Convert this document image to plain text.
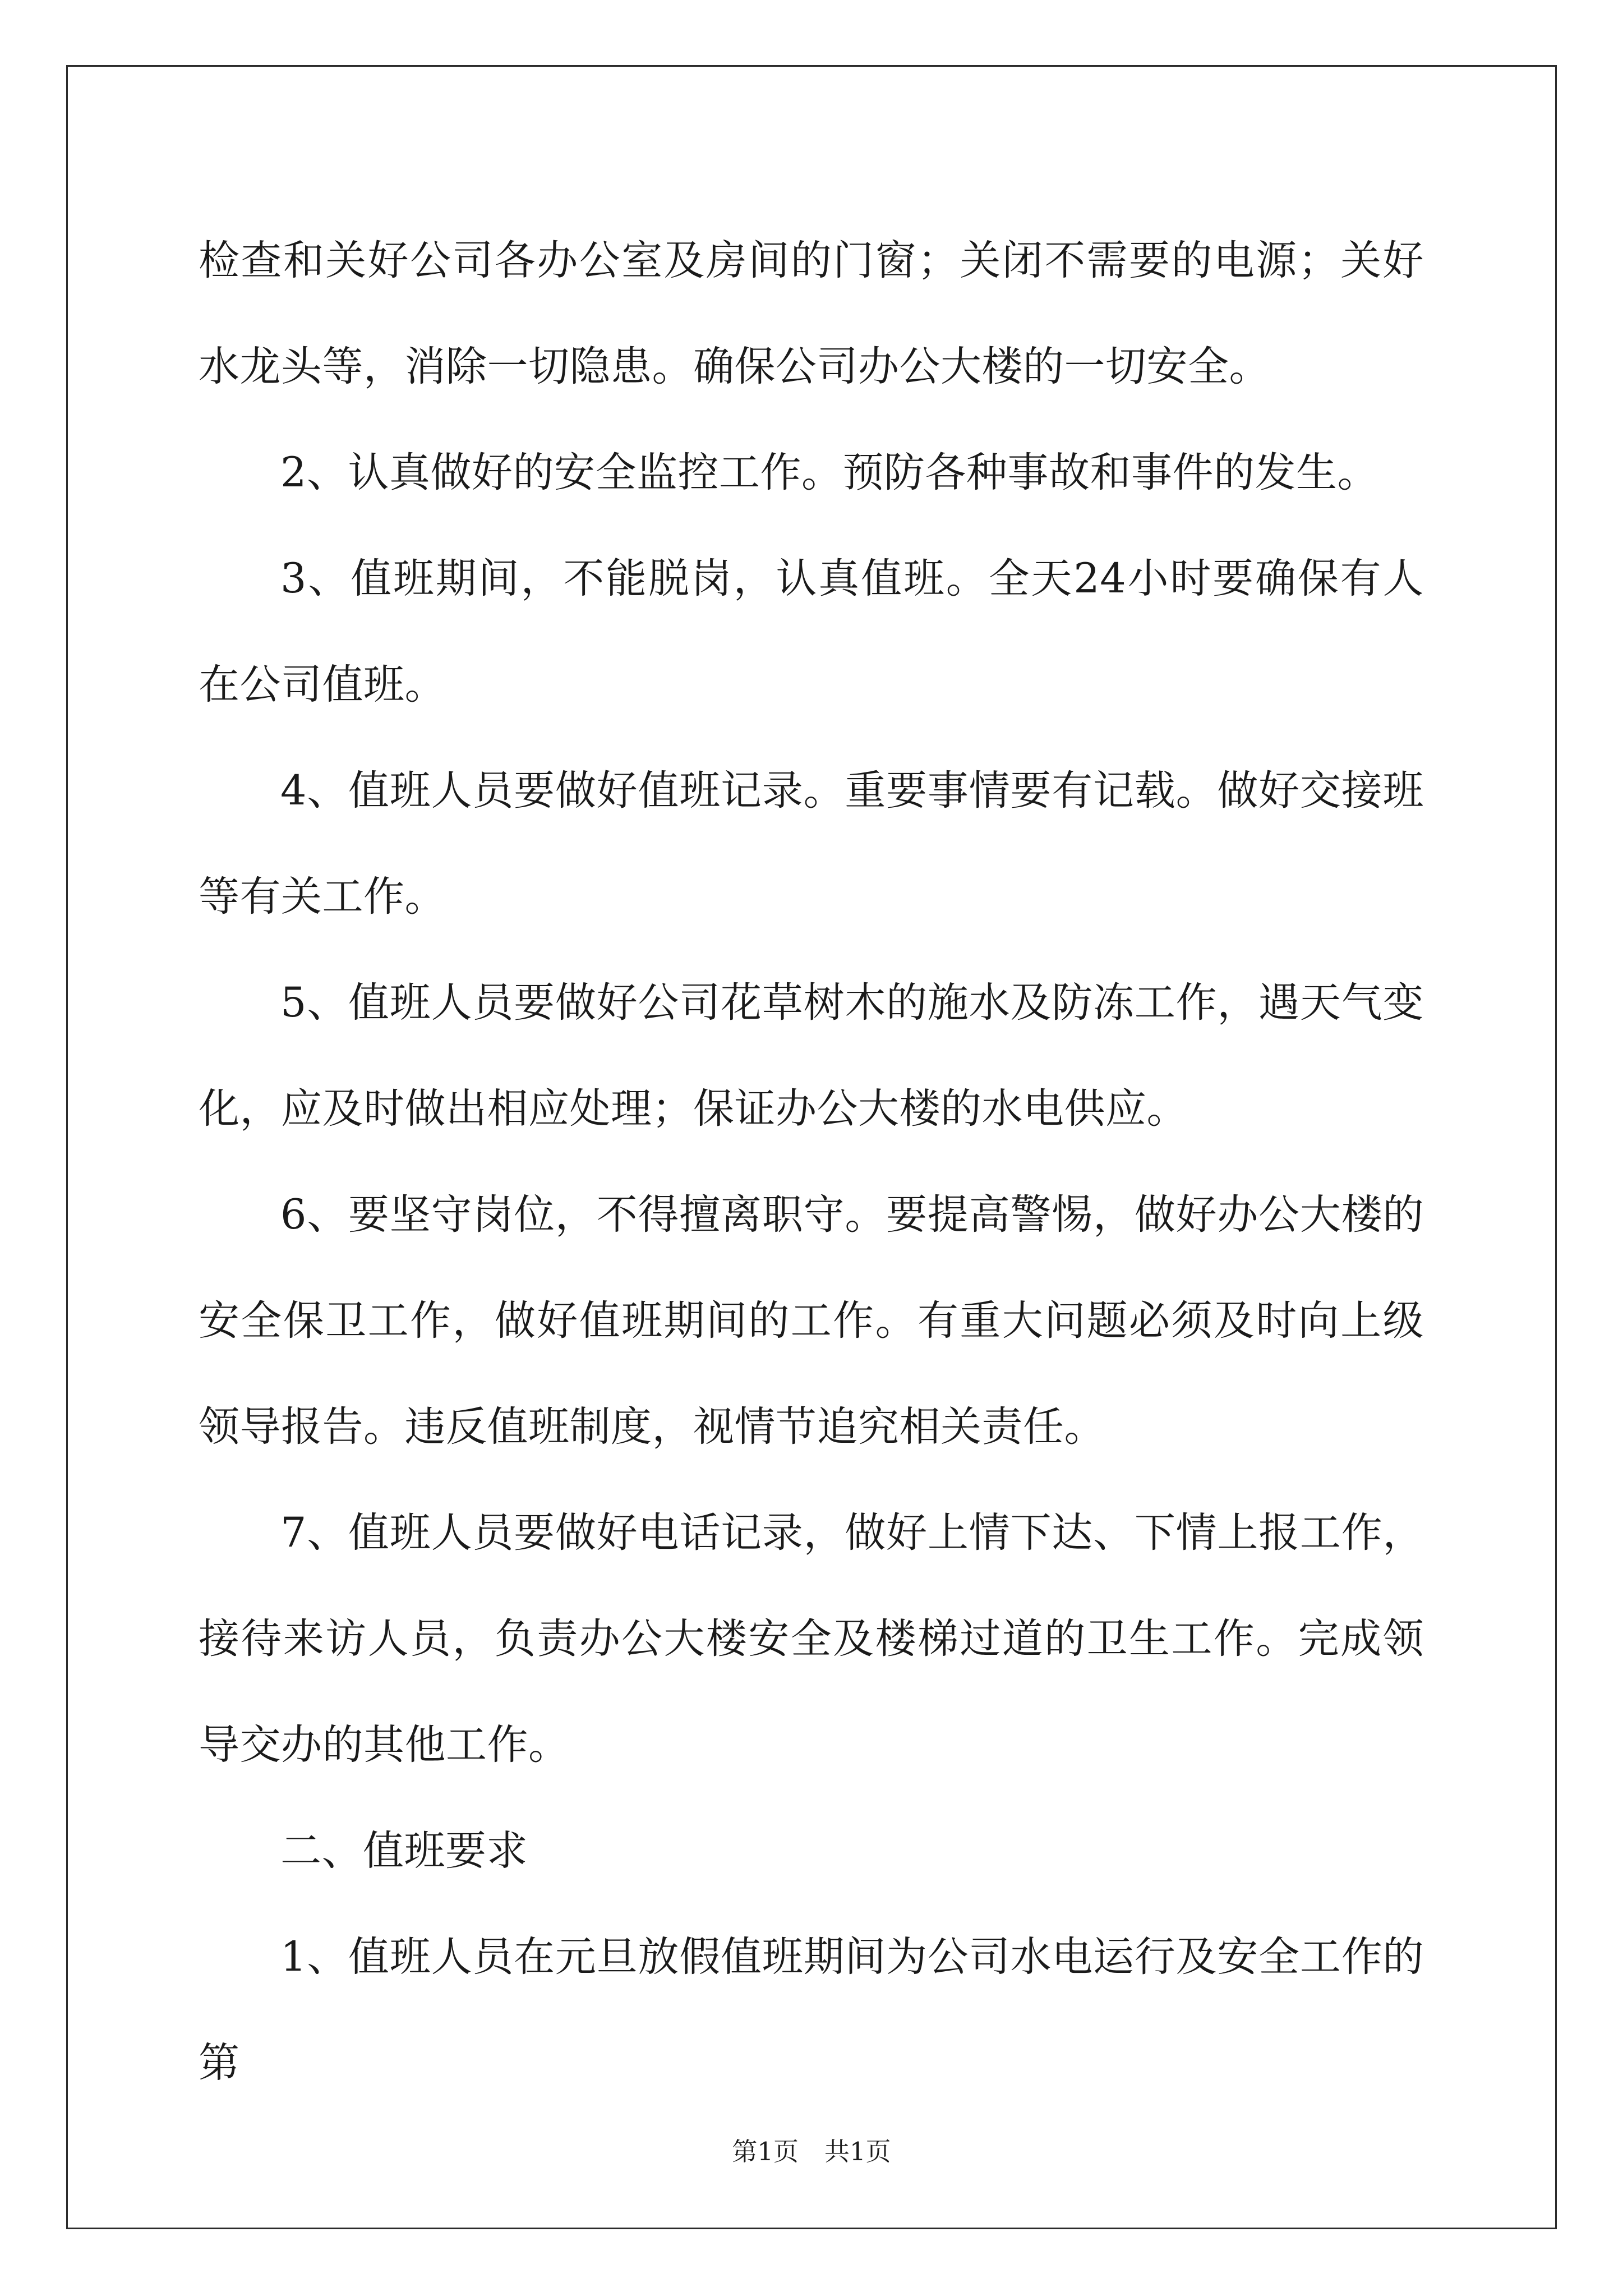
检查和关好公司各办公室及房间的门窗；关闭不需要的电源；关好水龙头等，消除一切隐患。确保公司办公大楼的一切安全。

2、认真做好的安全监控工作。预防各种事故和事件的发生。

3、值班期间，不能脱岗，认真值班。全天24小时要确保有人在公司值班。

4、值班人员要做好值班记录。重要事情要有记载。做好交接班等有关工作。

5、值班人员要做好公司花草树木的施水及防冻工作，遇天气变化，应及时做出相应处理；保证办公大楼的水电供应。

6、要坚守岗位，不得擅离职守。要提高警惕，做好办公大楼的安全保卫工作，做好值班期间的工作。有重大问题必须及时向上级领导报告。违反值班制度，视情节追究相关责任。

7、值班人员要做好电话记录，做好上情下达、下情上报工作，接待来访人员，负责办公大楼安全及楼梯过道的卫生工作。完成领导交办的其他工作。

二、值班要求

1、值班人员在元旦放假值班期间为公司水电运行及安全工作的第

第1页 共1页
